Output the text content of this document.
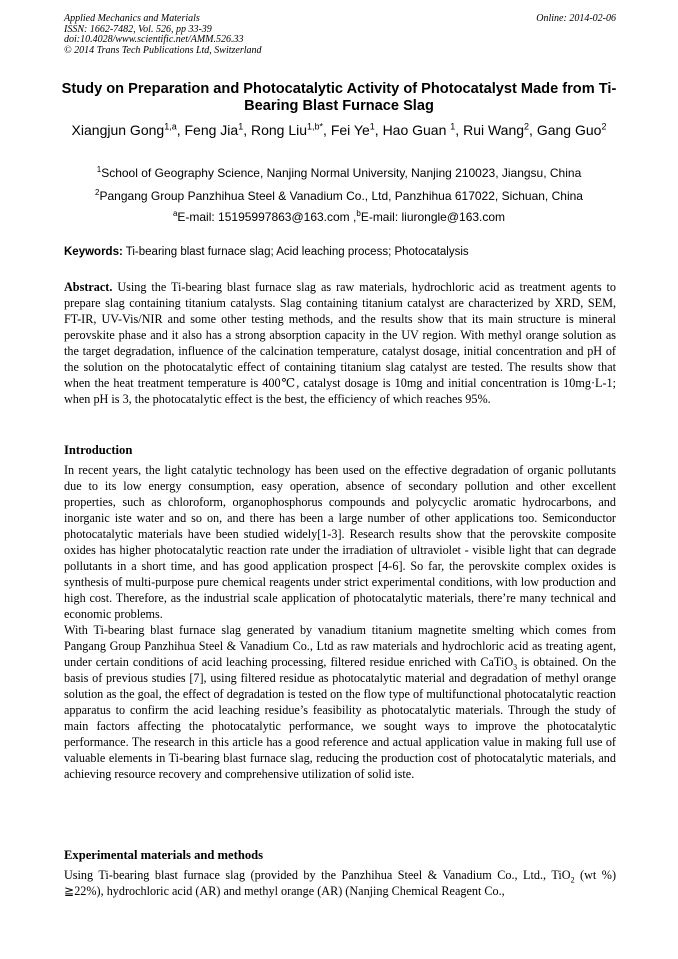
Applied Mechanics and Materials
ISSN: 1662-7482, Vol. 526, pp 33-39
doi:10.4028/www.scientific.net/AMM.526.33
© 2014 Trans Tech Publications Ltd, Switzerland
Online: 2014-02-06
Study on Preparation and Photocatalytic Activity of Photocatalyst Made from Ti-Bearing Blast Furnace Slag
Xiangjun Gong$^{1,a}$, Feng Jia$^1$, Rong Liu$^{1,b*}$, Fei Ye$^1$, Hao Guan $^1$, Rui Wang$^2$, Gang Guo$^2$
$^1$School of Geography Science, Nanjing Normal University, Nanjing 210023, Jiangsu, China
$^2$Pangang Group Panzhihua Steel & Vanadium Co., Ltd, Panzhihua 617022, Sichuan, China
$^a$E-mail: 15195997863@163.com ,$^b$E-mail: liurongle@163.com
Keywords: Ti-bearing blast furnace slag; Acid leaching process; Photocatalysis
Abstract. Using the Ti-bearing blast furnace slag as raw materials, hydrochloric acid as treatment agents to prepare slag containing titanium catalysts. Slag containing titanium catalyst are characterized by XRD, SEM, FT-IR, UV-Vis/NIR and some other testing methods, and the results show that its main structure is mineral perovskite phase and it also has a strong absorption capacity in the UV region. With methyl orange solution as the target degradation, influence of the calcination temperature, catalyst dosage, initial concentration and pH of the solution on the photocatalytic effect of containing titanium slag catalyst are tested. The results show that when the heat treatment temperature is 400℃, catalyst dosage is 10mg and initial concentration is 10mg·L-1; when pH is 3, the photocatalytic effect is the best, the efficiency of which reaches 95%.
Introduction
In recent years, the light catalytic technology has been used on the effective degradation of organic pollutants due to its low energy consumption, easy operation, absence of secondary pollution and other excellent properties, such as chloroform, organophosphorus compounds and polycyclic aromatic hydrocarbons, and inorganic iste water and so on, and there has been a large number of other applications too. Semiconductor photocatalytic materials have been studied widely[1-3]. Research results show that the perovskite composite oxides has higher photocatalytic reaction rate under the irradiation of ultraviolet - visible light that can degrade pollutants in a short time, and has good application prospect [4-6]. So far, the perovskite complex oxides is synthesis of multi-purpose pure chemical reagents under strict experimental conditions, with low production and high cost. Therefore, as the industrial scale application of photocatalytic materials, there’re many technical and economic problems.
With Ti-bearing blast furnace slag generated by vanadium titanium magnetite smelting which comes from Pangang Group Panzhihua Steel & Vanadium Co., Ltd as raw materials and hydrochloric acid as treating agent, under certain conditions of acid leaching processing, filtered residue enriched with CaTiO$_3$ is obtained. On the basis of previous studies [7], using filtered residue as photocatalytic material and degradation of methyl orange solution as the goal, the effect of degradation is tested on the flow type of multifunctional photocatalytic reaction apparatus to confirm the acid leaching residue’s feasibility as photocatalytic materials. Through the study of main factors affecting the photocatalytic performance, we sought ways to improve the photocatalytic performance. The research in this article has a good reference and actual application value in making full use of valuable elements in Ti-bearing blast furnace slag, reducing the production cost of photocatalytic materials, and achieving resource recovery and comprehensive utilization of solid iste.
Experimental materials and methods
Using Ti-bearing blast furnace slag (provided by the Panzhihua Steel & Vanadium Co., Ltd., TiO$_2$ (wt %) ≧22%), hydrochloric acid (AR) and methyl orange (AR) (Nanjing Chemical Reagent Co.,
